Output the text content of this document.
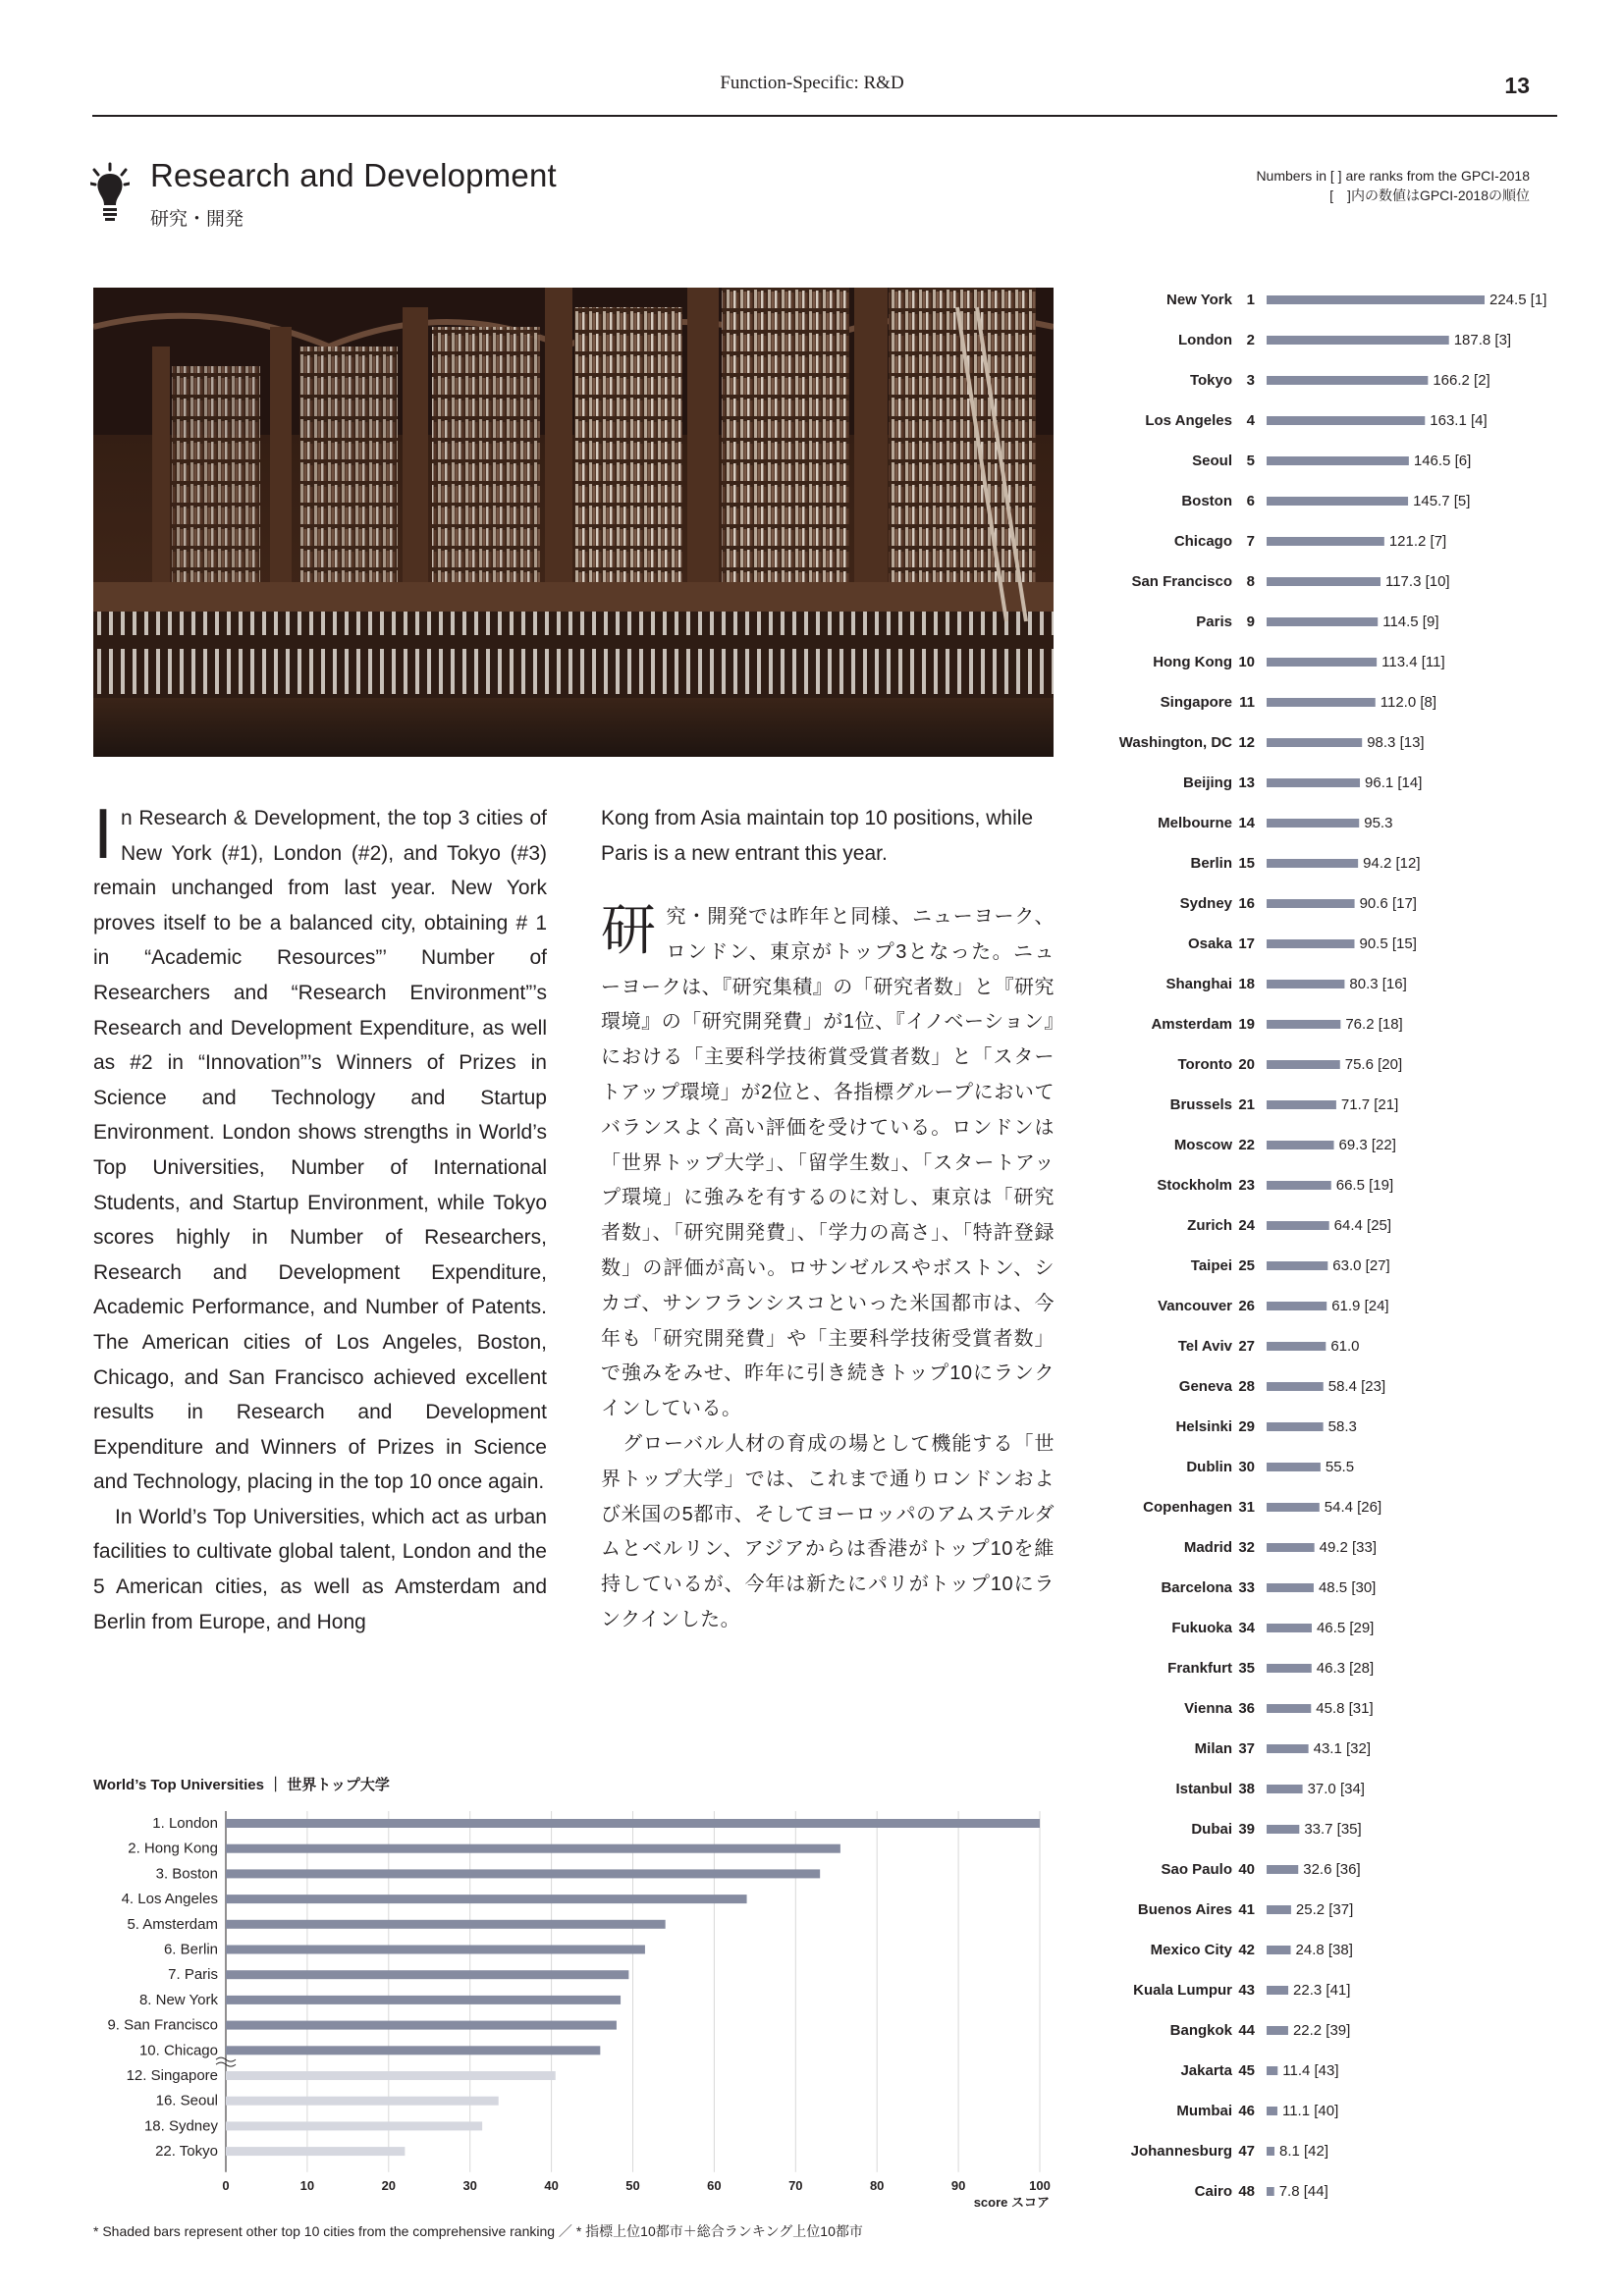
Function-Specific: R&D	13
Research and Development
研究・開発
Numbers in [ ] are ranks from the GPCI-2018
[　]内の数値はGPCI-2018の順位
I n Research & Development, the top 3 cities of New York (#1), London (#2), and Tokyo (#3) remain unchanged from last year. New York proves itself to be a balanced city, obtaining # 1 in “Academic Resources”’ Number of Researchers and “Research Environment”’s Research and Development Expenditure, as well as #2 in “Innovation”’s Winners of Prizes in Science and Technology and Startup Environment. London shows strengths in World’s Top Universities, Number of International Students, and Startup Environment, while Tokyo scores highly in Number of Researchers, Research and Development Expenditure, Academic Performance, and Number of Patents. The American cities of Los Angeles, Boston, Chicago, and San Francisco achieved excellent results in Research and Development Expenditure and Winners of Prizes in Science and Technology, placing in the top 10 once again.

In World’s Top Universities, which act as urban facilities to cultivate global talent, London and the 5 American cities, as well as Amsterdam and Berlin from Europe, and Hong

Kong from Asia maintain top 10 positions, while Paris is a new entrant this year.

研 究・開発では昨年と同様、ニューヨーク、ロンドン、東京がトップ3となった。ニューヨークは、『研究集積』の「研究者数」と『研究環境』の「研究開発費」が1位、『イノベーション』における「主要科学技術賞受賞者数」と「スタートアップ環境」が2位と、各指標グループにおいてバランスよく高い評価を受けている。ロンドンは「世界トップ大学」、「留学生数」、「スタートアップ環境」に強みを有するのに対し、東京は「研究者数」、「研究開発費」、「学力の高さ」、「特許登録数」の評価が高い。ロサンゼルスやボストン、シカゴ、サンフランシスコといった米国都市は、今年も「研究開発費」や「主要科学技術受賞者数」で強みをみせ、昨年に引き続きトップ10にランクインしている。

グローバル人材の育成の場として機能する「世界トップ大学」では、これまで通りロンドンおよび米国の5都市、そしてヨーロッパのアムステルダムとベルリン、アジアからは香港がトップ10を維持しているが、今年は新たにパリがトップ10にランクインした。

New York 1	224.5 [1]
London 2	187.8 [3]
Tokyo 3	166.2 [2]
Los Angeles 4	163.1 [4]
Seoul 5	146.5 [6]
Boston 6	145.7 [5]
Chicago 7	121.2 [7]
San Francisco 8	117.3 [10]
Paris 9	114.5 [9]
Hong Kong 10	113.4 [11]
Singapore 11	112.0 [8]
Washington, DC 12	98.3 [13]
Beijing 13	96.1 [14]
Melbourne 14	95.3
Berlin 15	94.2 [12]
Sydney 16	90.6 [17]
Osaka 17	90.5 [15]
Shanghai 18	80.3 [16]
Amsterdam 19	76.2 [18]
Toronto 20	75.6 [20]
Brussels 21	71.7 [21]
Moscow 22	69.3 [22]
Stockholm 23	66.5 [19]
Zurich 24	64.4 [25]
Taipei 25	63.0 [27]
Vancouver 26	61.9 [24]
Tel Aviv 27	61.0
Geneva 28	58.4 [23]
Helsinki 29	58.3
Dublin 30	55.5
Copenhagen 31	54.4 [26]
Madrid 32	49.2 [33]
Barcelona 33	48.5 [30]
Fukuoka 34	46.5 [29]
Frankfurt 35	46.3 [28]
Vienna 36	45.8 [31]
Milan 37	43.1 [32]
Istanbul 38	37.0 [34]
Dubai 39	33.7 [35]
Sao Paulo 40	32.6 [36]
Buenos Aires 41	25.2 [37]
Mexico City 42	24.8 [38]
Kuala Lumpur 43	22.3 [41]
Bangkok 44	22.2 [39]
Jakarta 45 11.4 [43]
Mumbai 46 11.1 [40]
Johannesburg 47 8.1 [42]
Cairo 48 7.8 [44]
World’s Top Universities ｜ 世界トップ大学
0	10	20	30	40	50	60	70	80	90	100
1. London
2. Hong Kong
3. Boston
4. Los Angeles
5. Amsterdam
6. Berlin
7. Paris
8. New York
9. San Francisco
10. Chicago
12. Singapore
16. Seoul
18. Sydney
22. Tokyo
score スコア
* Shaded bars represent other top 10 cities from the comprehensive ranking ／ * 指標上位10都市＋総合ランキング上位10都市
